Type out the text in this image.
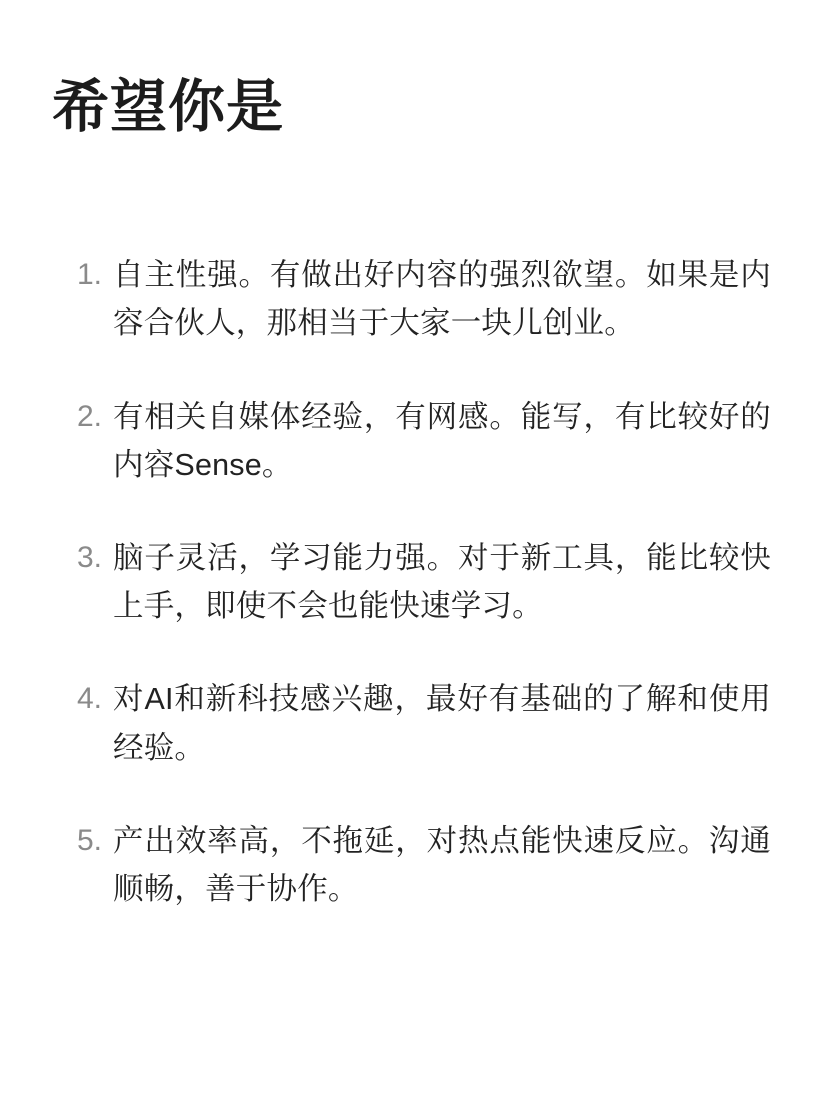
希望你是
1. 自主性强。有做出好内容的强烈欲望。如果是内容合伙人，那相当于大家一块儿创业。
2. 有相关自媒体经验，有网感。能写，有比较好的内容Sense。
3. 脑子灵活，学习能力强。对于新工具，能比较快上手，即使不会也能快速学习。
4. 对AI和新科技感兴趣，最好有基础的了解和使用经验。
5. 产出效率高，不拖延，对热点能快速反应。沟通顺畅，善于协作。
